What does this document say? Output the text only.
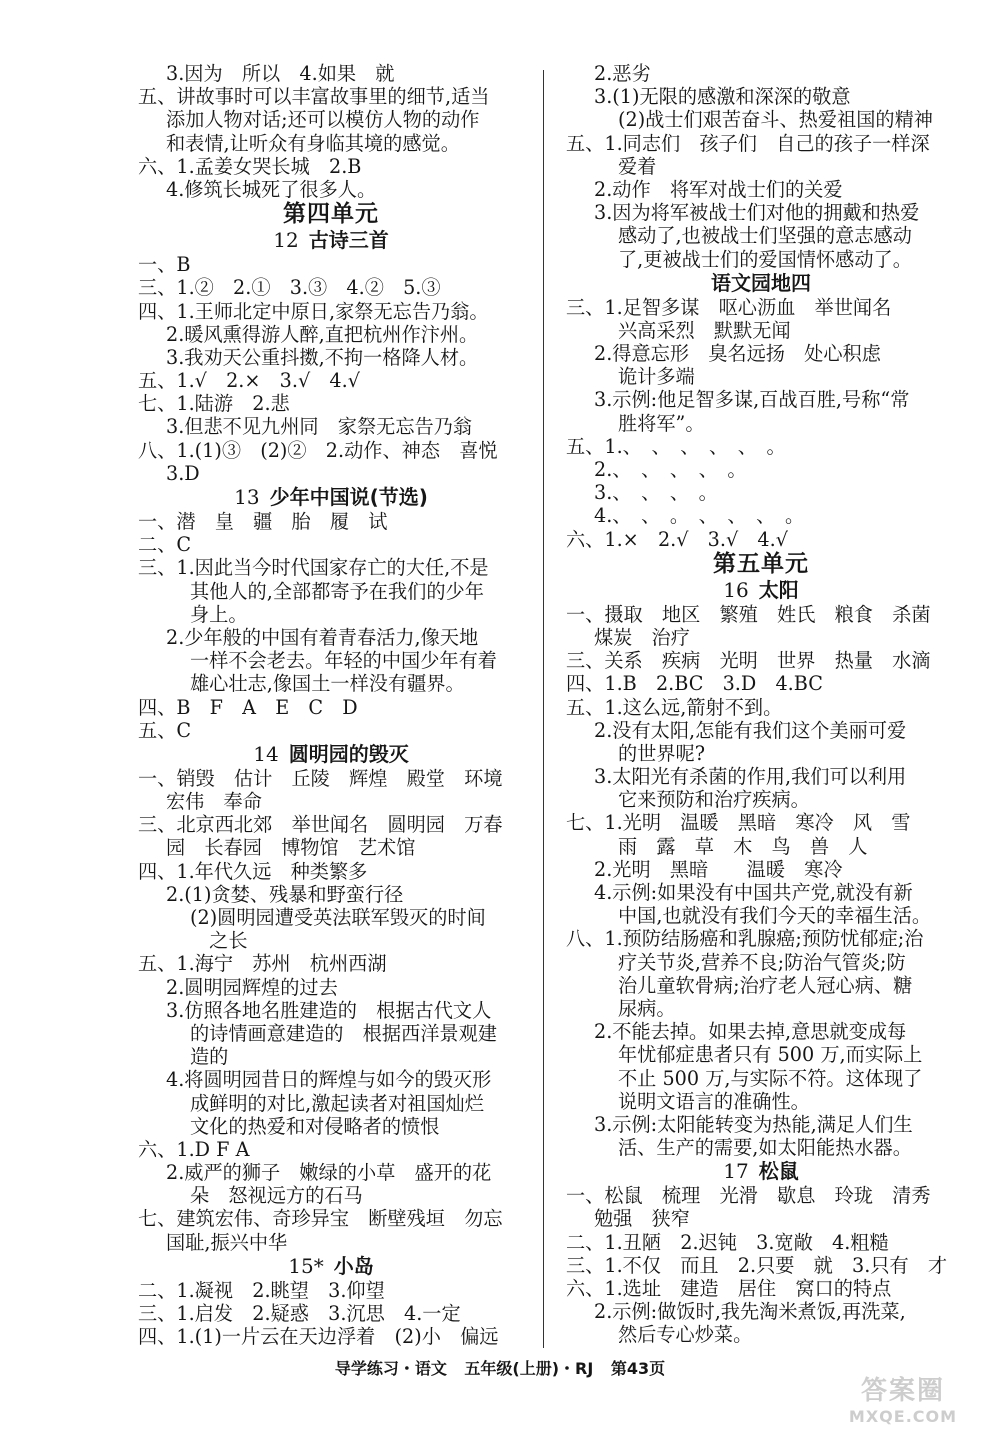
3.因为　所以　4.如果　就
五、讲故事时可以丰富故事里的细节,适当
添加人物对话;还可以模仿人物的动作
和表情,让听众有身临其境的感觉。
六、1.孟姜女哭长城　2.B
4.修筑长城死了很多人。
第四单元
12 古诗三首
一、B
三、1.②　2.①　3.③　4.②　5.③
四、1.王师北定中原日,家祭无忘告乃翁。
2.暖风熏得游人醉,直把杭州作汴州。
3.我劝天公重抖擞,不拘一格降人材。
五、1.√　2.×　3.√　4.√
七、1.陆游　2.悲
3.但悲不见九州同　家祭无忘告乃翁
八、1.(1)③　(2)②　2.动作、神态　喜悦
3.D
13 少年中国说(节选)
一、潜　皇　疆　胎　履　试
二、C
三、1.因此当今时代国家存亡的大任,不是
其他人的,全部都寄予在我们的少年
身上。
2.少年般的中国有着青春活力,像天地
一样不会老去。年轻的中国少年有着
雄心壮志,像国土一样没有疆界。
四、B　F　A　E　C　D
五、C
14 圆明园的毁灭
一、销毁　估计　丘陵　辉煌　殿堂　环境
宏伟　奉命
三、北京西北郊　举世闻名　圆明园　万春
园　长春园　博物馆　艺术馆
四、1.年代久远　种类繁多
2.(1)贪婪、残暴和野蛮行径
(2)圆明园遭受英法联军毁灭的时间
　之长
五、1.海宁　苏州　杭州西湖
2.圆明园辉煌的过去
3.仿照各地名胜建造的　根据古代文人
的诗情画意建造的　根据西洋景观建
造的
4.将圆明园昔日的辉煌与如今的毁灭形
成鲜明的对比,激起读者对祖国灿烂
文化的热爱和对侵略者的愤恨
六、1.D F A
2.威严的狮子　嫩绿的小草　盛开的花
朵　怒视远方的石马
七、建筑宏伟、奇珍异宝　断壁残垣　勿忘
国耻,振兴中华
15* 小岛
二、1.凝视　2.眺望　3.仰望
三、1.启发　2.疑惑　3.沉思　4.一定
四、1.(1)一片云在天边浮着　(2)小　偏远
2.恶劣
3.(1)无限的感激和深深的敬意
(2)战士们艰苦奋斗、热爱祖国的精神
五、1.同志们　孩子们　自己的孩子一样深
爱着
2.动作　将军对战士们的关爱
3.因为将军被战士们对他的拥戴和热爱
感动了,也被战士们坚强的意志感动
了,更被战士们的爱国情怀感动了。
语文园地四
三、1.足智多谋　呕心沥血　举世闻名
兴高采烈　默默无闻
2.得意忘形　臭名远扬　处心积虑
诡计多端
3.示例:他足智多谋,百战百胜,号称“常
胜将军”。
五、1.、　、　、　、　、　。
2.、　、　、　、　。
3.、　、　、　。
4.、　、　。　、　、　、　。
六、1.×　2.√　3.√　4.√
第五单元
16 太阳
一、摄取　地区　繁殖　姓氏　粮食　杀菌
煤炭　治疗
三、关系　疾病　光明　世界　热量　水滴
四、1.B　2.BC　3.D　4.BC
五、1.这么远,箭射不到。
2.没有太阳,怎能有我们这个美丽可爱
的世界呢?
3.太阳光有杀菌的作用,我们可以利用
它来预防和治疗疾病。
七、1.光明　温暖　黑暗　寒冷　风　雪
雨　露　草　木　鸟　兽　人
2.光明　黑暗　　温暖　寒冷
4.示例:如果没有中国共产党,就没有新
中国,也就没有我们今天的幸福生活。
八、1.预防结肠癌和乳腺癌;预防忧郁症;治
疗关节炎,营养不良;防治气管炎;防
治儿童软骨病;治疗老人冠心病、糖
尿病。
2.不能去掉。如果去掉,意思就变成每
年忧郁症患者只有 500 万,而实际上
不止 500 万,与实际不符。这体现了
说明文语言的准确性。
3.示例:太阳能转变为热能,满足人们生
活、生产的需要,如太阳能热水器。
17 松鼠
一、松鼠　梳理　光滑　歇息　玲珑　清秀
勉强　狭窄
二、1.丑陋　2.迟钝　3.宽敞　4.粗糙
三、1.不仅　而且　2.只要　就　3.只有　才
六、1.选址　建造　居住　窝口的特点
2.示例:做饭时,我先淘米煮饭,再洗菜,
然后专心炒菜。
导学练习・语文 五年级(上册)・RJ 第43页
答案圈
MXQE.COM
